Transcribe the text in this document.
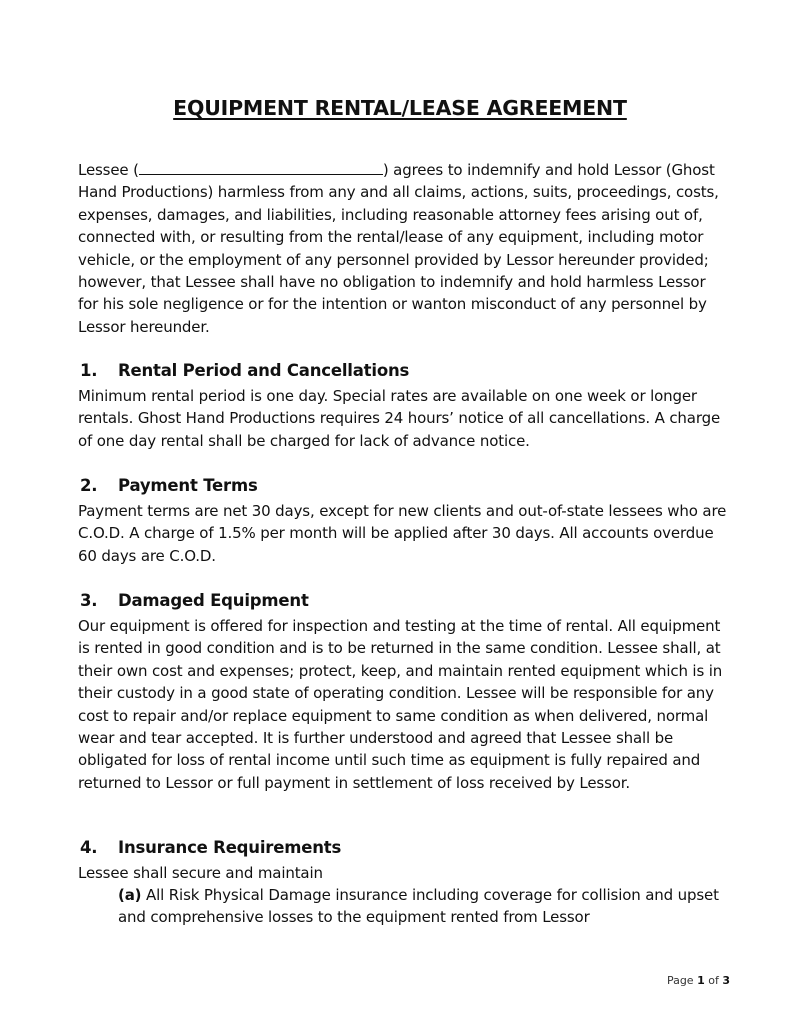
EQUIPMENT RENTAL/LEASE AGREEMENT

Lessee (	) agrees to indemnify and hold Lessor (Ghost Hand Productions) harmless from any and all claims, actions, suits, proceedings, costs, expenses, damages, and liabilities, including reasonable attorney fees arising out of, connected with, or resulting from the rental/lease of any equipment, including motor vehicle, or the employment of any personnel provided by Lessor hereunder provided; however, that Lessee shall have no obligation to indemnify and hold harmless Lessor for his sole negligence or for the intention or wanton misconduct of any personnel by Lessor hereunder.

1. Rental Period and Cancellations

Minimum rental period is one day. Special rates are available on one week or longer rentals. Ghost Hand Productions requires 24 hours’ notice of all cancellations. A charge of one day rental shall be charged for lack of advance notice.

2. Payment Terms

Payment terms are net 30 days, except for new clients and out-of-state lessees who are C.O.D. A charge of 1.5% per month will be applied after 30 days. All accounts overdue 60 days are C.O.D.

3. Damaged Equipment

Our equipment is offered for inspection and testing at the time of rental. All equipment is rented in good condition and is to be returned in the same condition. Lessee shall, at their own cost and expenses; protect, keep, and maintain rented equipment which is in their custody in a good state of operating condition. Lessee will be responsible for any cost to repair and/or replace equipment to same condition as when delivered, normal wear and tear accepted. It is further understood and agreed that Lessee shall be obligated for loss of rental income until such time as equipment is fully repaired and returned to Lessor or full payment in settlement of loss received by Lessor.

4. Insurance Requirements

Lessee shall secure and maintain

(a) All Risk Physical Damage insurance including coverage for collision and upset and comprehensive losses to the equipment rented from Lessor

Page 1 of 3
